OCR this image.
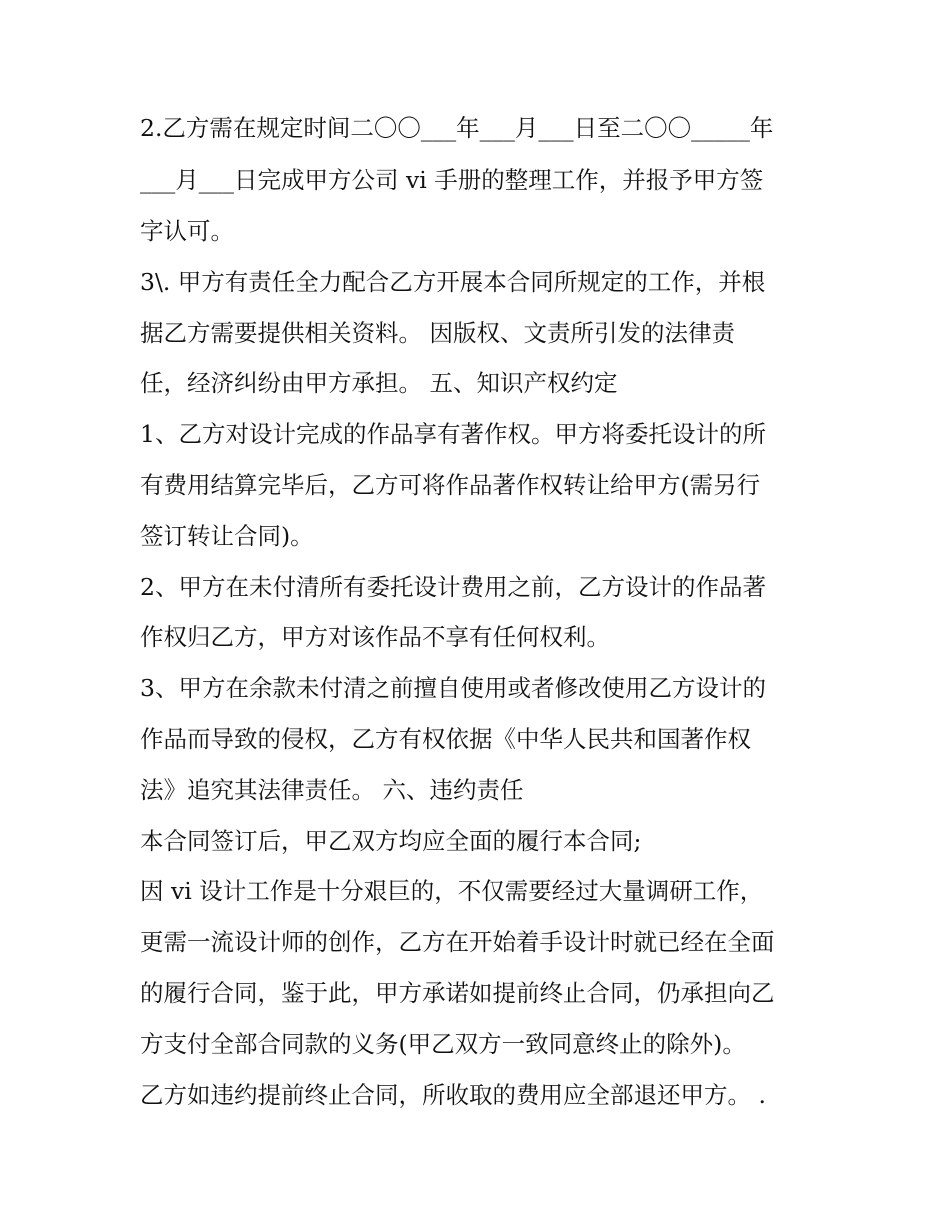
2.乙方需在规定时间二〇〇___年___月___日至二〇〇_____年
___月___日完成甲方公司 vi 手册的整理工作，并报予甲方签
字认可。
3\. 甲方有责任全力配合乙方开展本合同所规定的工作，并根
据乙方需要提供相关资料。 因版权、文责所引发的法律责
任，经济纠纷由甲方承担。 五、知识产权约定
1、乙方对设计完成的作品享有著作权。甲方将委托设计的所
有费用结算完毕后，乙方可将作品著作权转让给甲方(需另行
签订转让合同)。
2、甲方在未付清所有委托设计费用之前，乙方设计的作品著
作权归乙方，甲方对该作品不享有任何权利。
3、甲方在余款未付清之前擅自使用或者修改使用乙方设计的
作品而导致的侵权，乙方有权依据《中华人民共和国著作权
法》追究其法律责任。 六、违约责任
本合同签订后，甲乙双方均应全面的履行本合同;
因 vi 设计工作是十分艰巨的，不仅需要经过大量调研工作，
更需一流设计师的创作，乙方在开始着手设计时就已经在全面
的履行合同，鉴于此，甲方承诺如提前终止合同，仍承担向乙
方支付全部合同款的义务(甲乙双方一致同意终止的除外)。
乙方如违约提前终止合同，所收取的费用应全部退还甲方。 .
